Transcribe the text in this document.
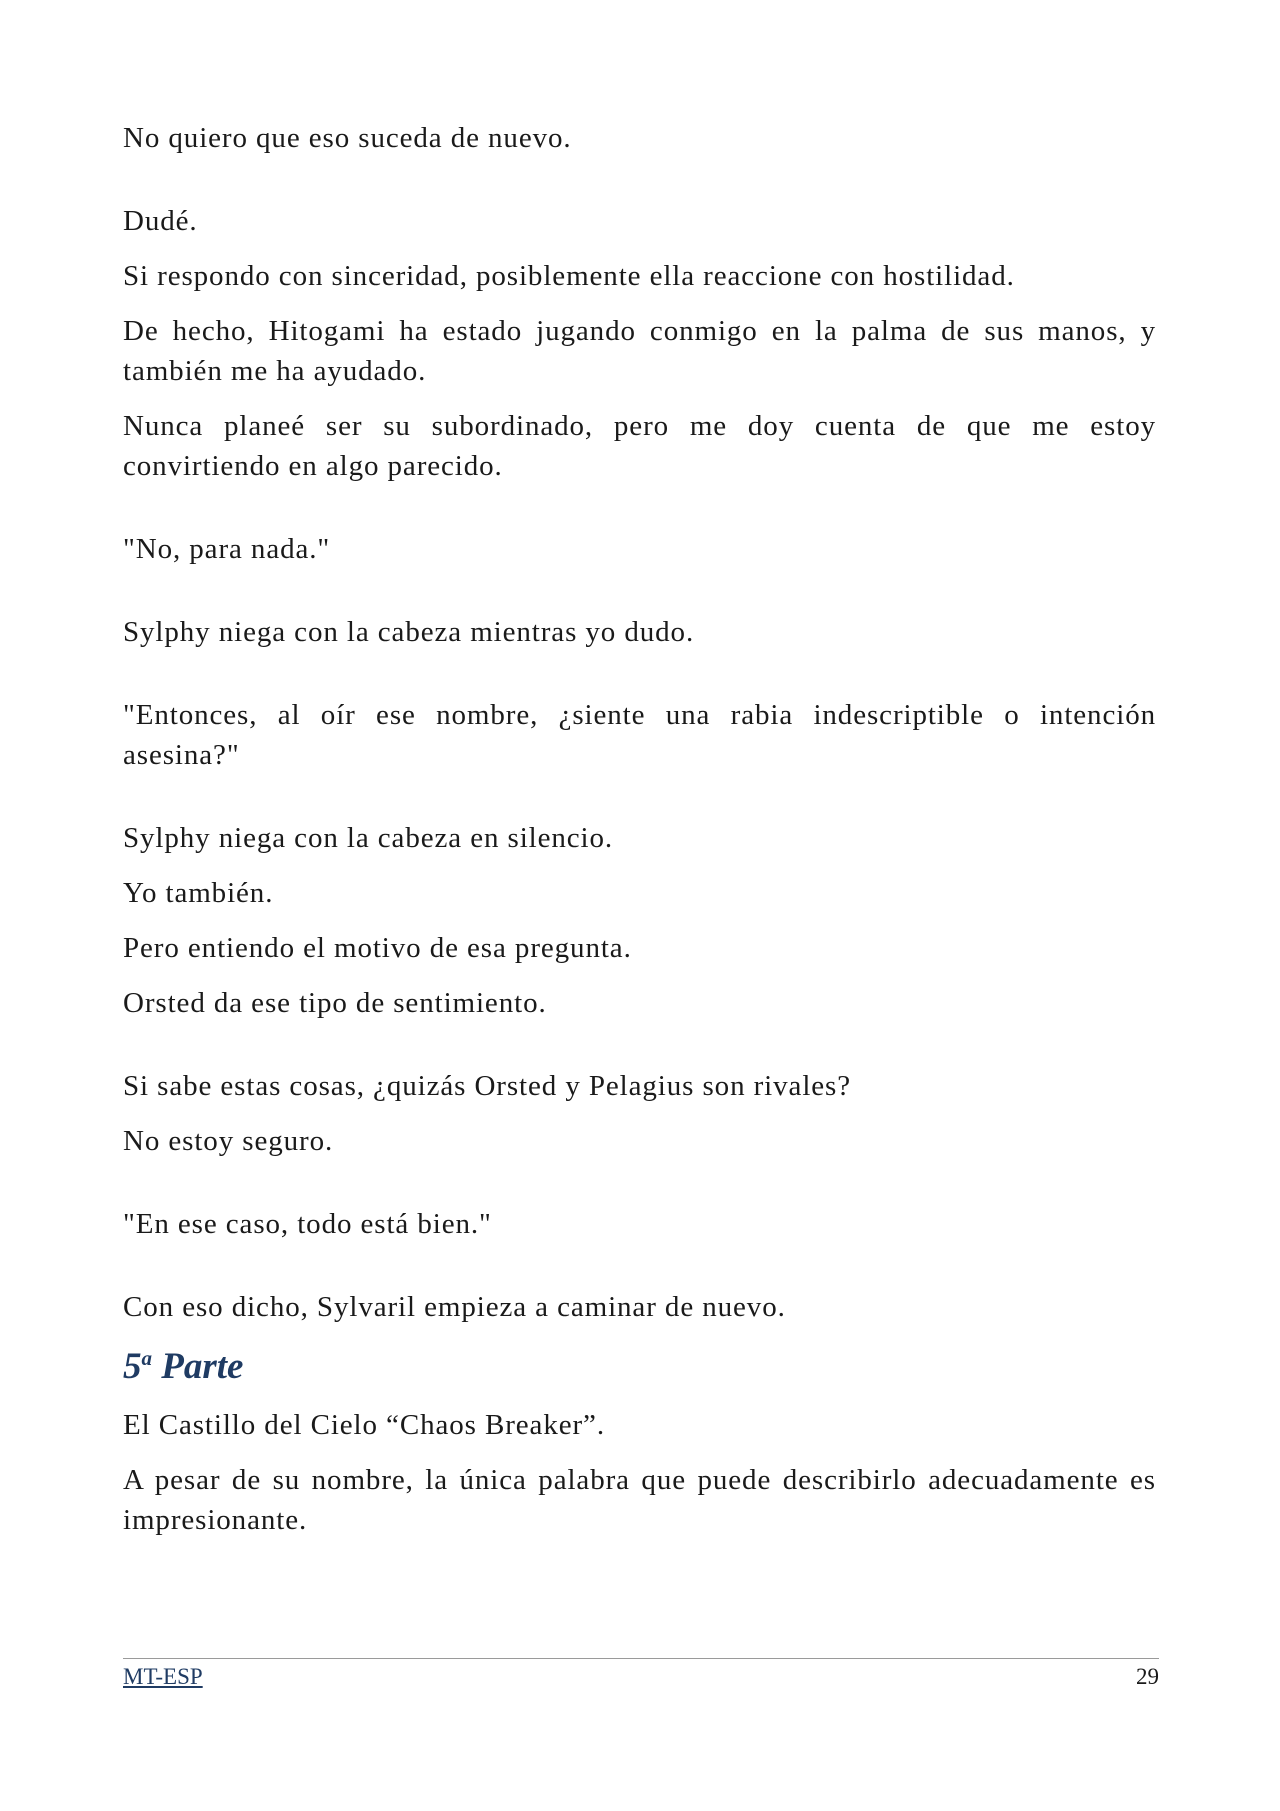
No quiero que eso suceda de nuevo.

Dudé.

Si respondo con sinceridad, posiblemente ella reaccione con hostilidad.

De hecho, Hitogami ha estado jugando conmigo en la palma de sus manos, y también me ha ayudado.

Nunca planeé ser su subordinado, pero me doy cuenta de que me estoy convirtiendo en algo parecido.

"No, para nada."

Sylphy niega con la cabeza mientras yo dudo.

"Entonces, al oír ese nombre, ¿siente una rabia indescriptible o intención asesina?"

Sylphy niega con la cabeza en silencio.

Yo también.

Pero entiendo el motivo de esa pregunta.

Orsted da ese tipo de sentimiento.

Si sabe estas cosas, ¿quizás Orsted y Pelagius son rivales?

No estoy seguro.

"En ese caso, todo está bien."

Con eso dicho, Sylvaril empieza a caminar de nuevo.

5$^a$ Parte

El Castillo del Cielo “Chaos Breaker”.

A pesar de su nombre, la única palabra que puede describirlo adecuadamente es impresionante.

MT-ESP	29
